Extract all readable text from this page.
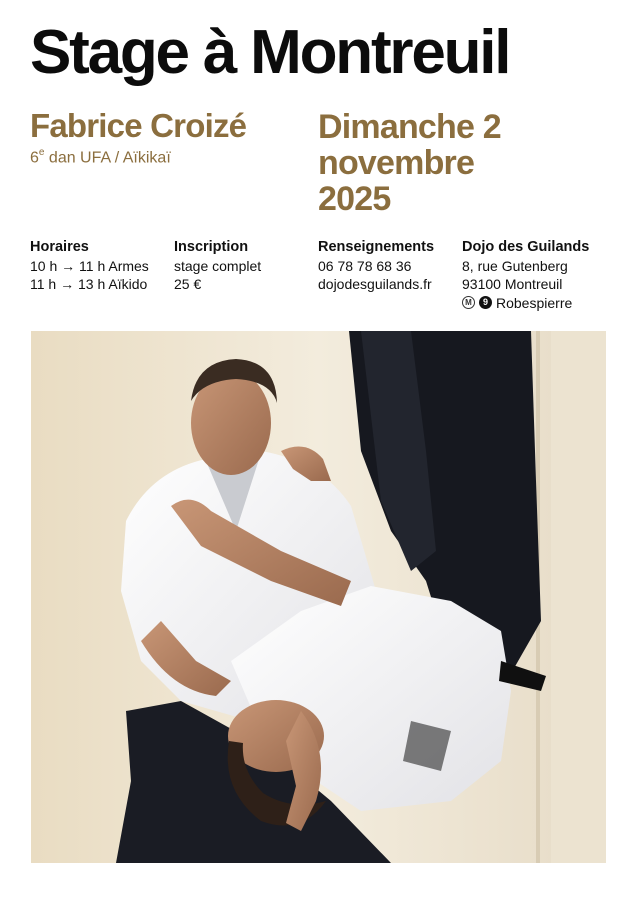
Stage à Montreuil
Fabrice Croizé
6e dan UFA / Aïkikaï
Dimanche 2
novembre
2025
Horaires
10 h → 11 h Armes
11 h → 13 h Aïkido
Inscription
stage complet
25 €
Renseignements
06 78 78 68 36
dojodesguilands.fr
Dojo des Guilands
8, rue Gutenberg
93100 Montreuil
M	9 Robespierre
